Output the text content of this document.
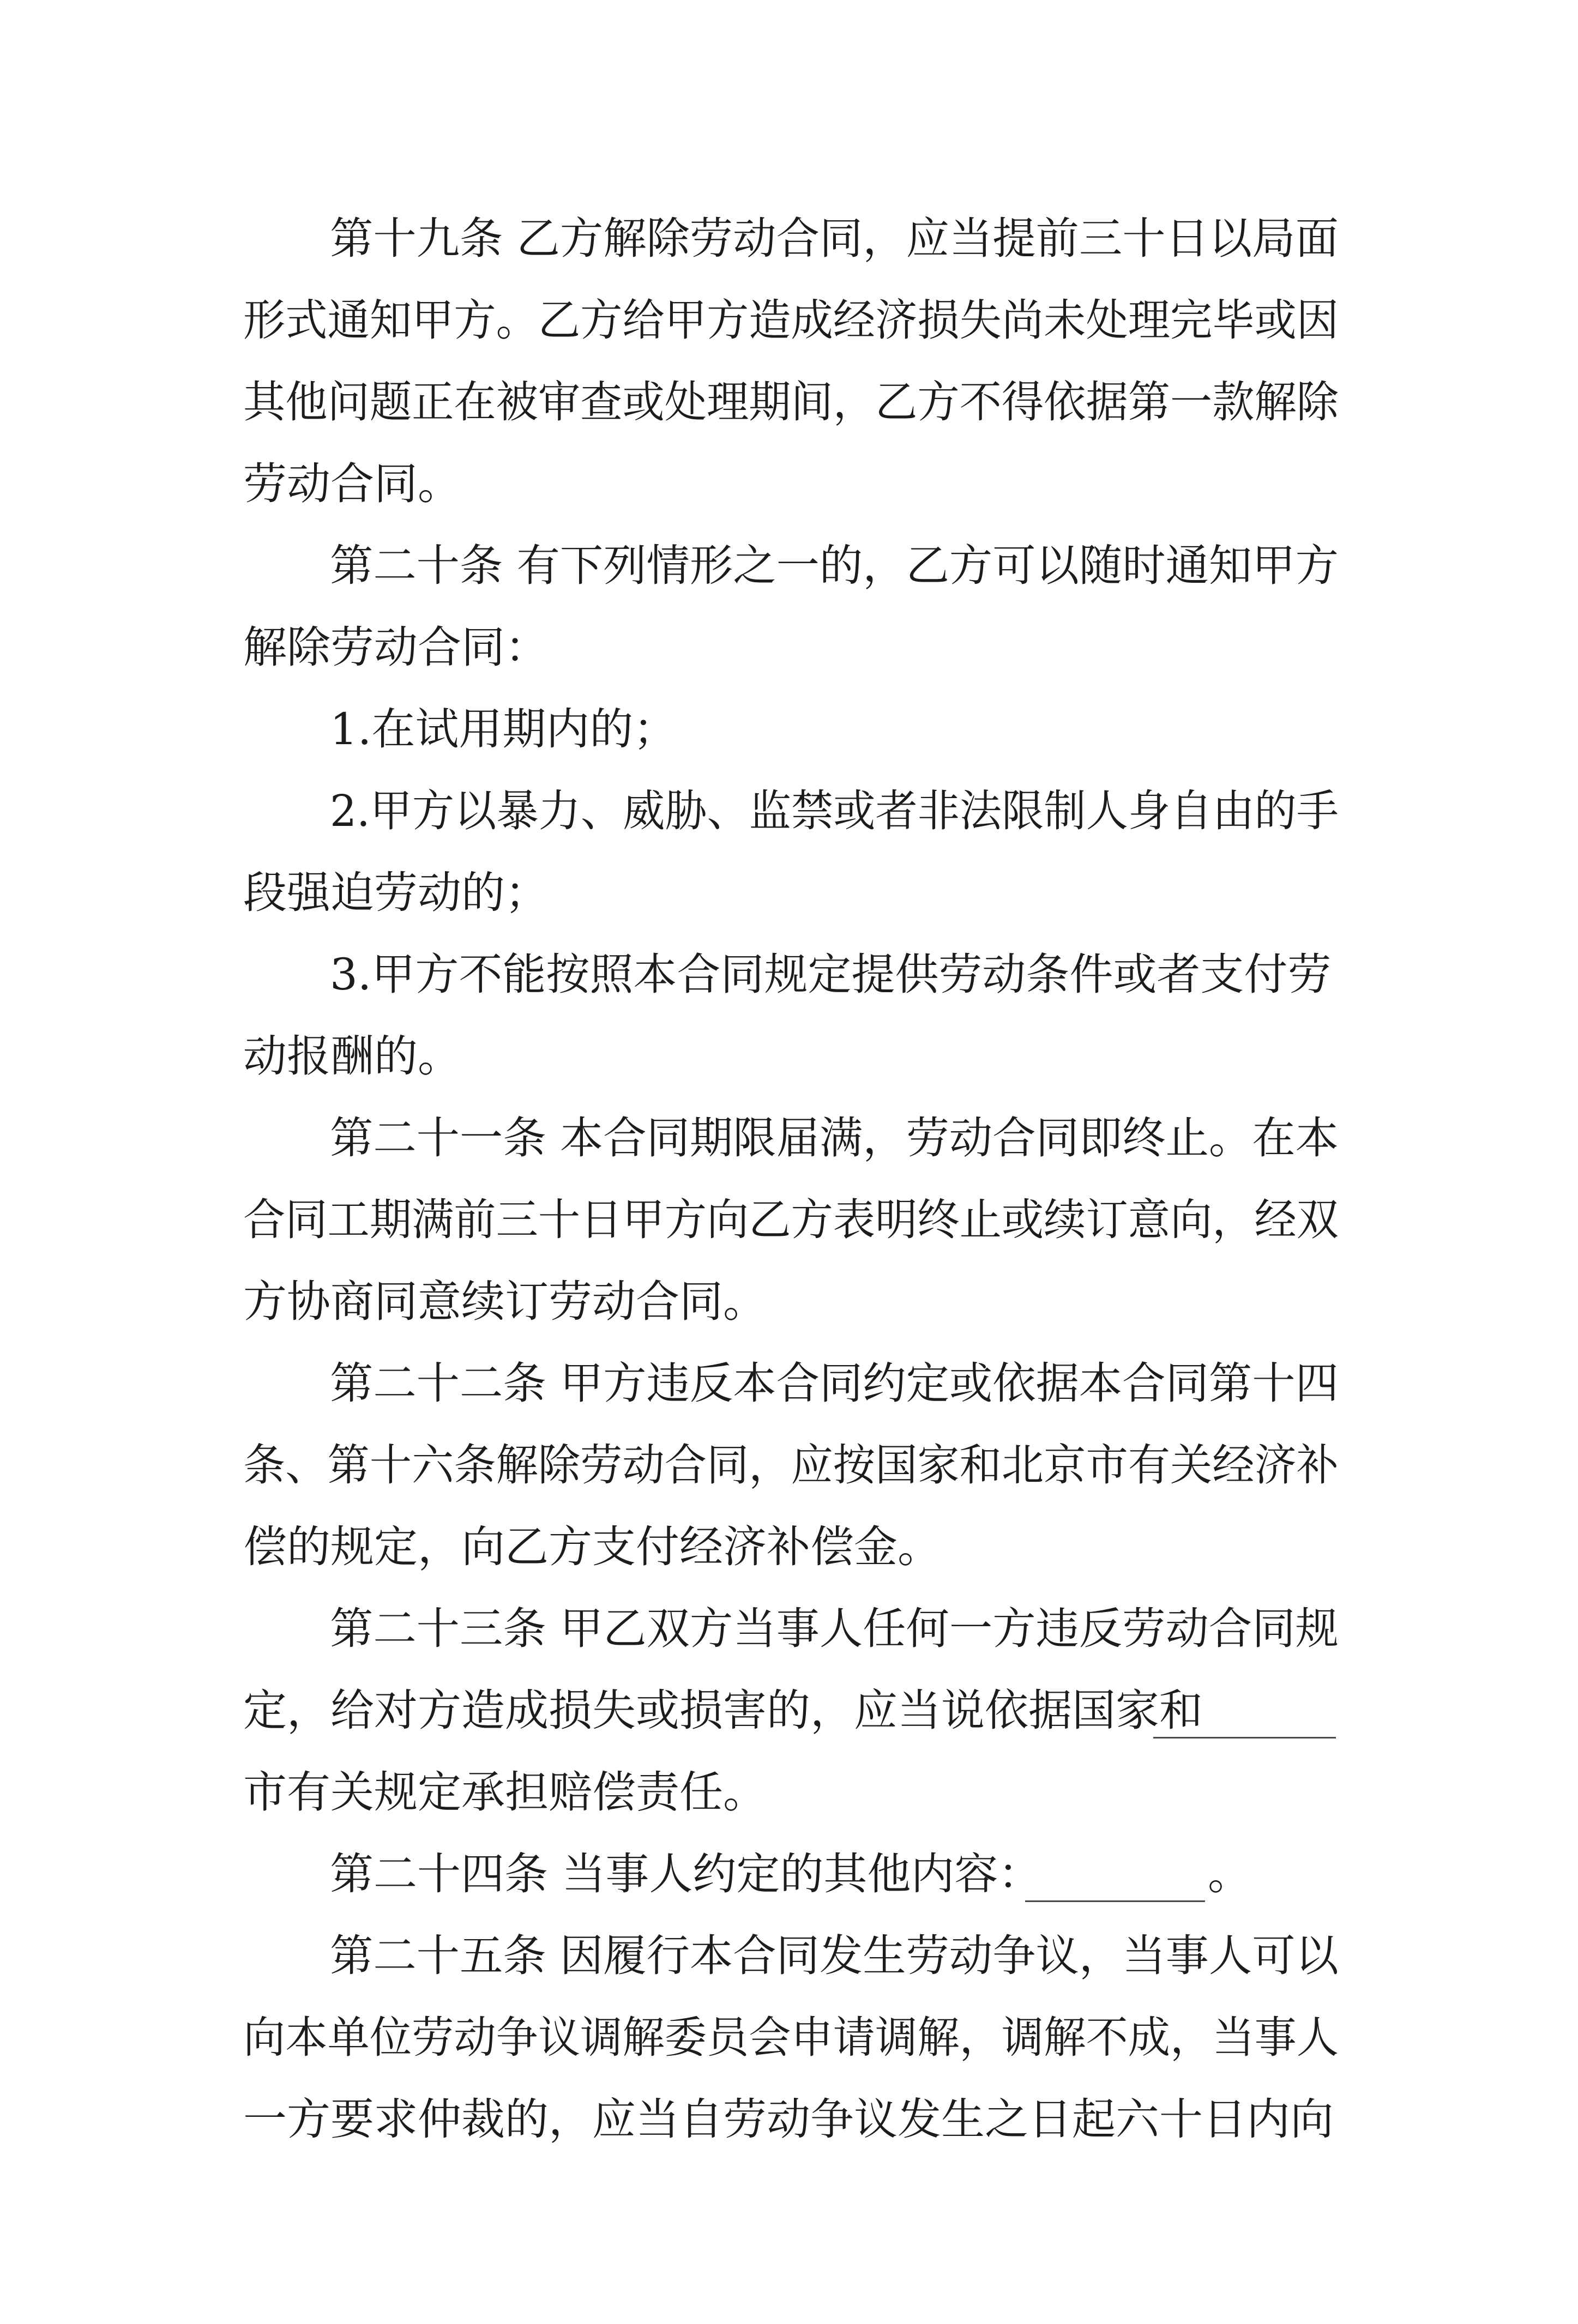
第十九条 乙方解除劳动合同，应当提前三十日以局面

形式通知甲方。乙方给甲方造成经济损失尚未处理完毕或因

其他问题正在被审查或处理期间，乙方不得依据第一款解除

劳动合同。

第二十条 有下列情形之一的，乙方可以随时通知甲方

解除劳动合同：

1.在试用期内的；

2.甲方以暴力、威胁、监禁或者非法限制人身自由的手

段强迫劳动的；

3.甲方不能按照本合同规定提供劳动条件或者支付劳

动报酬的。

第二十一条 本合同期限届满，劳动合同即终止。在本

合同工期满前三十日甲方向乙方表明终止或续订意向，经双

方协商同意续订劳动合同。

第二十二条 甲方违反本合同约定或依据本合同第十四

条、第十六条解除劳动合同，应按国家和北京市有关经济补

偿的规定，向乙方支付经济补偿金。

第二十三条 甲乙双方当事人任何一方违反劳动合同规

定，给对方造成损失或损害的，应当说依据国家和

市有关规定承担赔偿责任。

第二十四条 当事人约定的其他内容：

	。

第二十五条 因履行本合同发生劳动争议，当事人可以

向本单位劳动争议调解委员会申请调解，调解不成，当事人

一方要求仲裁的，应当自劳动争议发生之日起六十日内向
